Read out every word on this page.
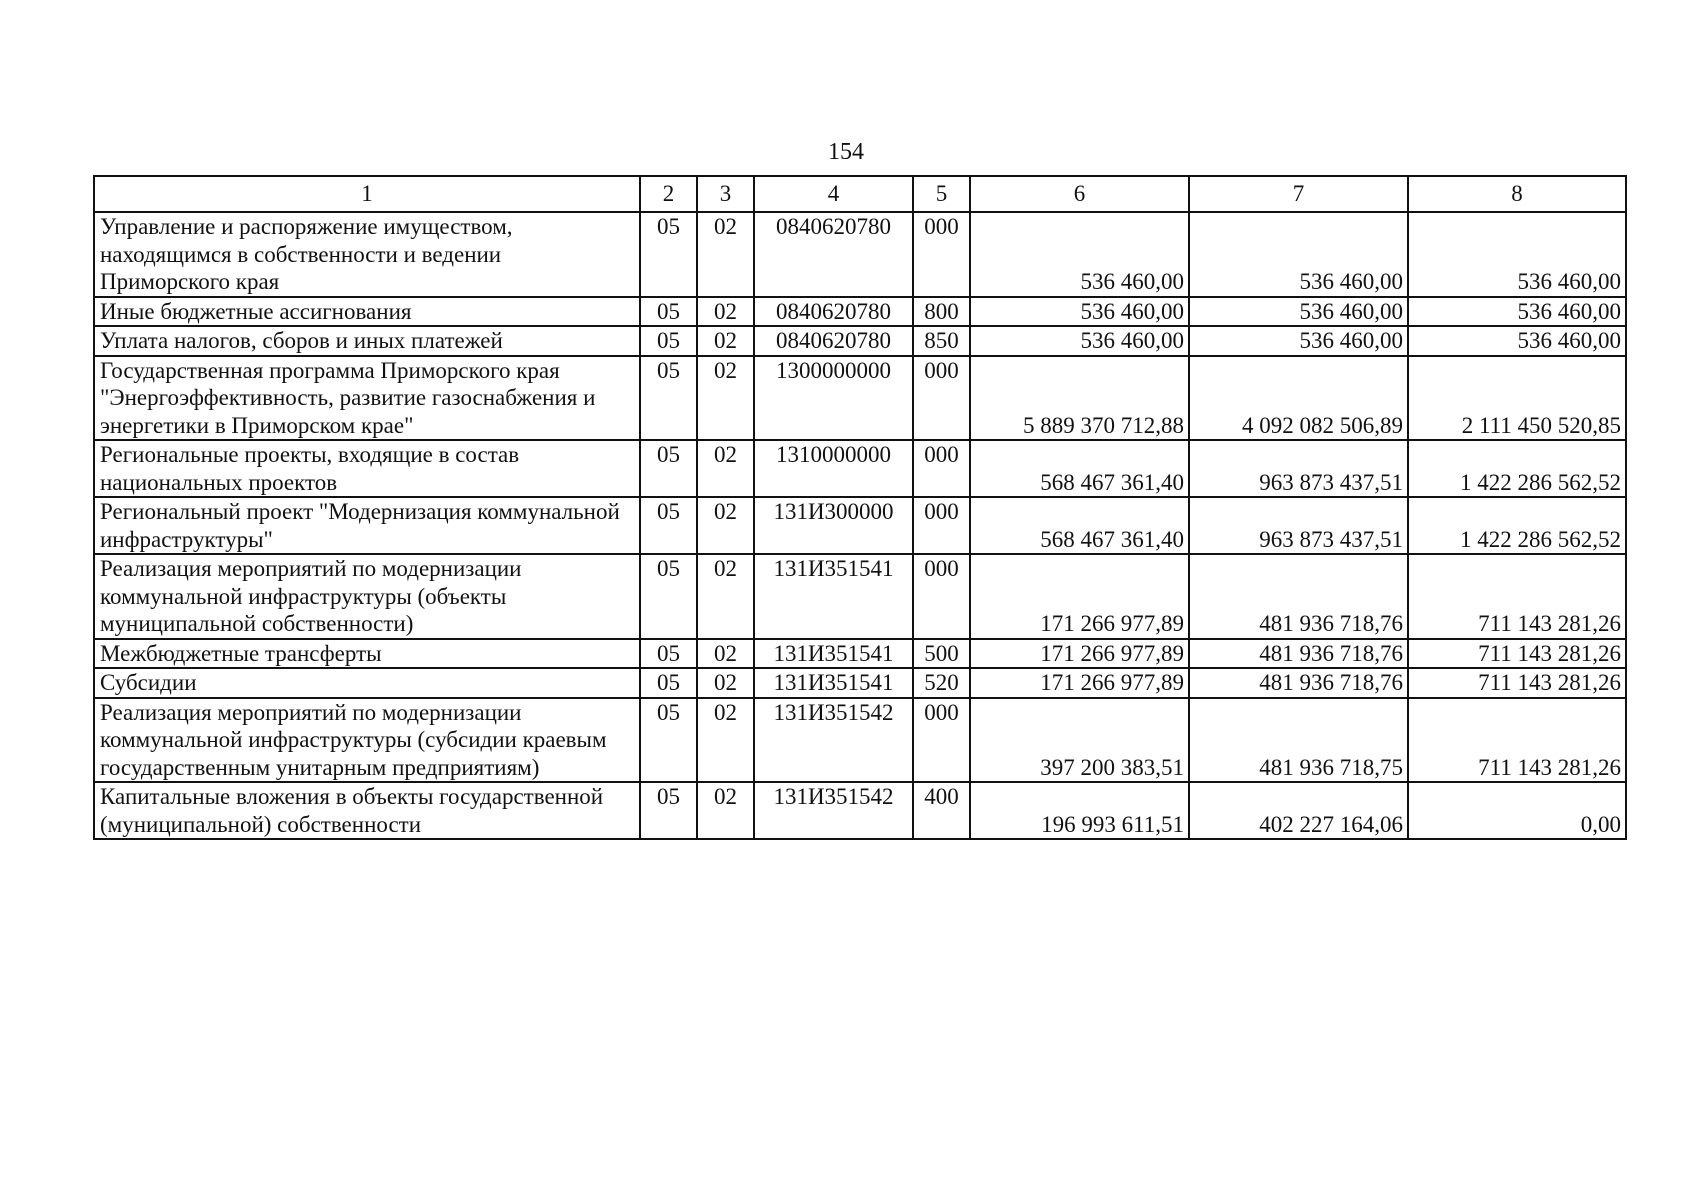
154
1	2	3	4	5	6	7	8
Управление и распоряжение имуществом, находящимся в собственности и ведении Приморского края	05	02	0840620780	000	536 460,00	536 460,00	536 460,00
Иные бюджетные ассигнования	05	02	0840620780	800	536 460,00	536 460,00	536 460,00
Уплата налогов, сборов и иных платежей	05	02	0840620780	850	536 460,00	536 460,00	536 460,00
Государственная программа Приморского края "Энергоэффективность, развитие газоснабжения и энергетики в Приморском крае"	05	02	1300000000	000	5 889 370 712,88	4 092 082 506,89	2 111 450 520,85
Региональные проекты, входящие в состав национальных проектов	05	02	1310000000	000	568 467 361,40	963 873 437,51	1 422 286 562,52
Региональный проект "Модернизация коммунальной инфраструктуры"	05	02	131И300000	000	568 467 361,40	963 873 437,51	1 422 286 562,52
Реализация мероприятий по модернизации коммунальной инфраструктуры (объекты муниципальной собственности)	05	02	131И351541	000	171 266 977,89	481 936 718,76	711 143 281,26
Межбюджетные трансферты	05	02	131И351541	500	171 266 977,89	481 936 718,76	711 143 281,26
Субсидии	05	02	131И351541	520	171 266 977,89	481 936 718,76	711 143 281,26
Реализация мероприятий по модернизации коммунальной инфраструктуры (субсидии краевым государственным унитарным предприятиям)	05	02	131И351542	000	397 200 383,51	481 936 718,75	711 143 281,26
Капитальные вложения в объекты государственной (муниципальной) собственности	05	02	131И351542	400	196 993 611,51	402 227 164,06	0,00
